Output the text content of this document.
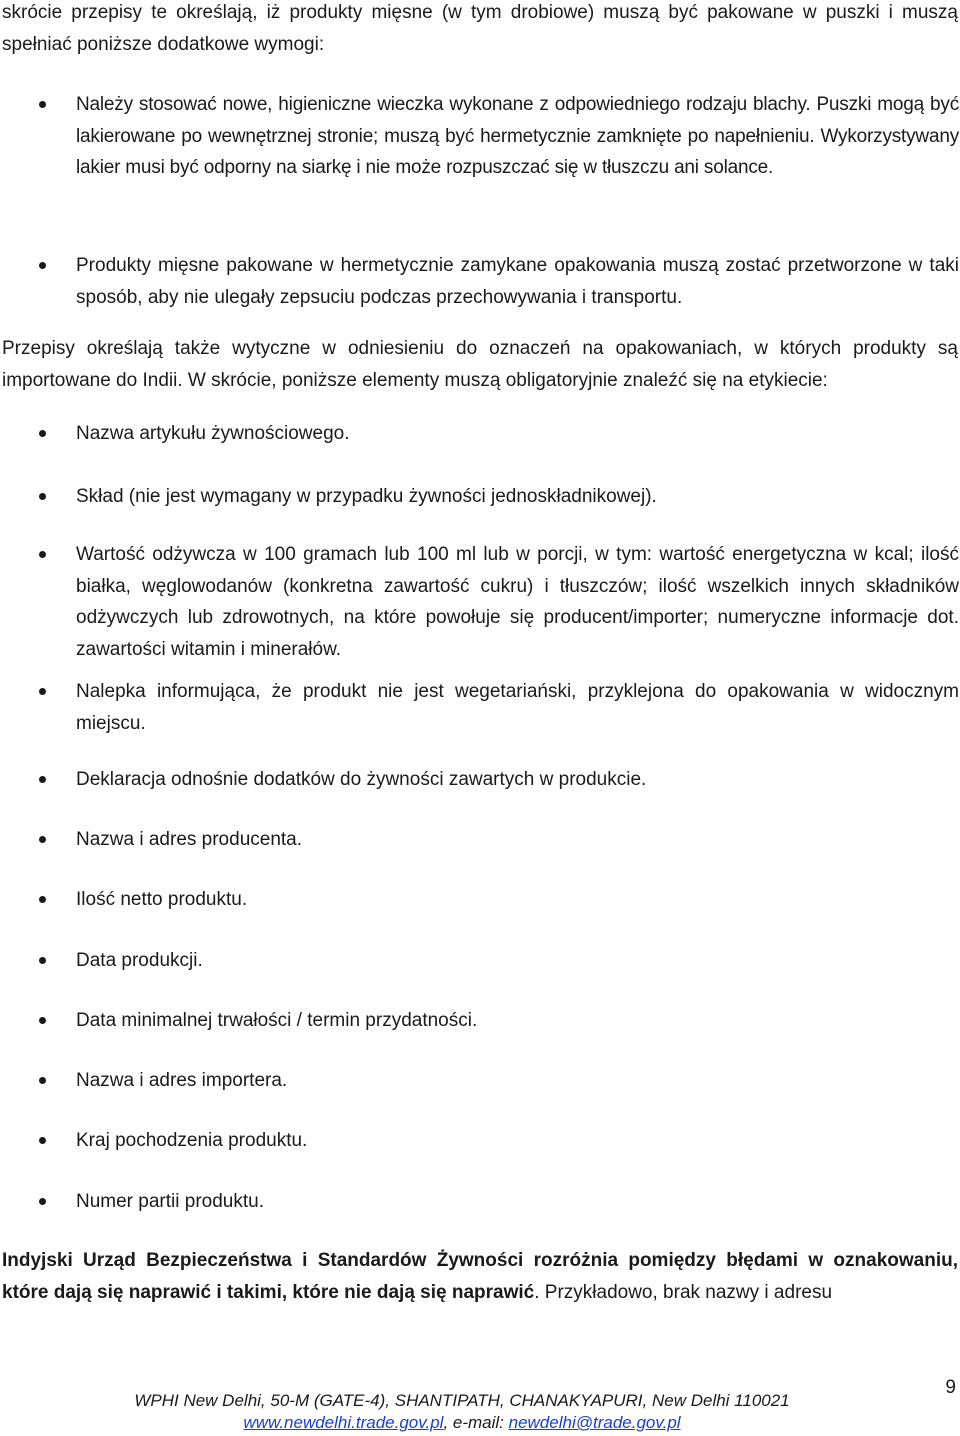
skrócie przepisy te określają, iż produkty mięsne (w tym drobiowe) muszą być pakowane w puszki i muszą spełniać poniższe dodatkowe wymogi:

Należy stosować nowe, higieniczne wieczka wykonane z odpowiedniego rodzaju blachy. Puszki mogą być lakierowane po wewnętrznej stronie; muszą być hermetycznie zamknięte po napełnieniu. Wykorzystywany lakier musi być odporny na siarkę i nie może rozpuszczać się w tłuszczu ani solance.

Produkty mięsne pakowane w hermetycznie zamykane opakowania muszą zostać przetworzone w taki sposób, aby nie ulegały zepsuciu podczas przechowywania i transportu.

Przepisy określają także wytyczne w odniesieniu do oznaczeń na opakowaniach, w których produkty są importowane do Indii. W skrócie, poniższe elementy muszą obligatoryjnie znaleźć się na etykiecie:

Nazwa artykułu żywnościowego.

Skład (nie jest wymagany w przypadku żywności jednoskładnikowej).

Wartość odżywcza w 100 gramach lub 100 ml lub w porcji, w tym: wartość energetyczna w kcal; ilość białka, węglowodanów (konkretna zawartość cukru) i tłuszczów; ilość wszelkich innych składników odżywczych lub zdrowotnych, na które powołuje się producent/importer; numeryczne informacje dot. zawartości witamin i minerałów.

Nalepka informująca, że produkt nie jest wegetariański, przyklejona do opakowania w widocznym miejscu.

Deklaracja odnośnie dodatków do żywności zawartych w produkcie.

Nazwa i adres producenta.

Ilość netto produktu.

Data produkcji.

Data minimalnej trwałości / termin przydatności.

Nazwa i adres importera.

Kraj pochodzenia produktu.

Numer partii produktu.

Indyjski Urząd Bezpieczeństwa i Standardów Żywności rozróżnia pomiędzy błędami w oznakowaniu, które dają się naprawić i takimi, które nie dają się naprawić. Przykładowo, brak nazwy i adresu

9

WPHI New Delhi, 50-M (GATE-4), SHANTIPATH, CHANAKYAPURI, New Delhi 110021

www.newdelhi.trade.gov.pl, e-mail: newdelhi@trade.gov.pl
